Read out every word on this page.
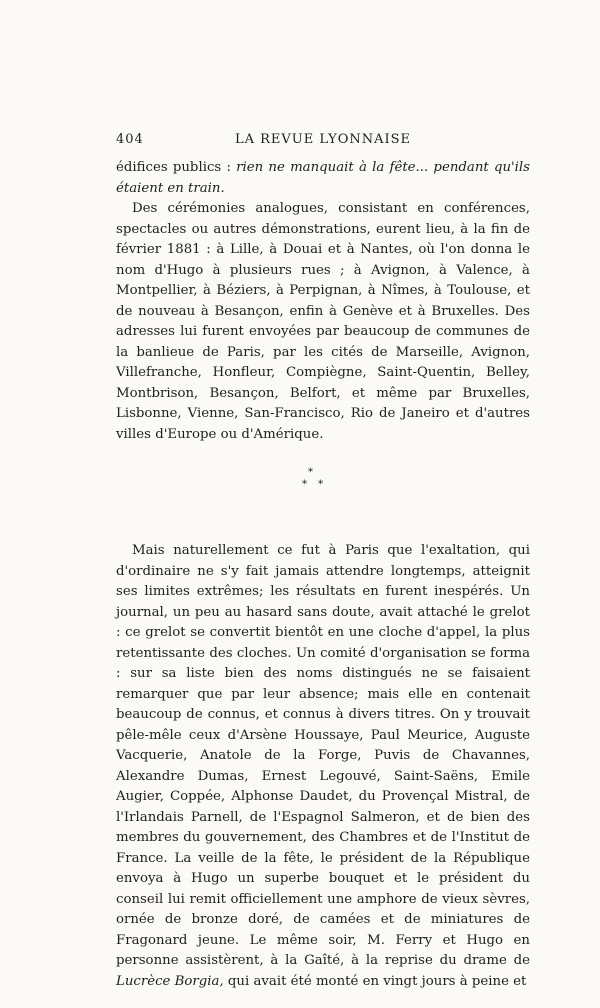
404	LA REVUE LYONNAISE

édifices publics : rien ne manquait à la fête... pendant qu'ils étaient en train.

Des cérémonies analogues, consistant en conférences, spectacles ou autres démonstrations, eurent lieu, à la fin de février 1881 : à Lille, à Douai et à Nantes, où l'on donna le nom d'Hugo à plusieurs rues ; à Avignon, à Valence, à Montpellier, à Béziers, à Perpignan, à Nîmes, à Toulouse, et de nouveau à Besançon, enfin à Genève et à Bruxelles. Des adresses lui furent envoyées par beaucoup de communes de la banlieue de Paris, par les cités de Marseille, Avignon, Villefranche, Honfleur, Compiègne, Saint-Quentin, Belley, Montbrison, Besançon, Belfort, et même par Bruxelles, Lisbonne, Vienne, San-Francisco, Rio de Janeiro et d'autres villes d'Europe ou d'Amérique.

*
* *

Mais naturellement ce fut à Paris que l'exaltation, qui d'ordinaire ne s'y fait jamais attendre longtemps, atteignit ses limites extrêmes; les résultats en furent inespérés. Un journal, un peu au hasard sans doute, avait attaché le grelot : ce grelot se convertit bientôt en une cloche d'appel, la plus retentissante des cloches. Un comité d'organisation se forma : sur sa liste bien des noms distingués ne se faisaient remarquer que par leur absence; mais elle en contenait beaucoup de connus, et connus à divers titres. On y trouvait pêle-mêle ceux d'Arsène Houssaye, Paul Meurice, Auguste Vacquerie, Anatole de la Forge, Puvis de Chavannes, Alexandre Dumas, Ernest Legouvé, Saint-Saëns, Emile Augier, Coppée, Alphonse Daudet, du Provençal Mistral, de l'Irlandais Parnell, de l'Espagnol Salmeron, et de bien des membres du gouvernement, des Chambres et de l'Institut de France. La veille de la fête, le président de la République envoya à Hugo un superbe bouquet et le président du conseil lui remit officiellement une amphore de vieux sèvres, ornée de bronze doré, de camées et de miniatures de Fragonard jeune. Le même soir, M. Ferry et Hugo en personne assistèrent, à la Gaîté, à la reprise du drame de Lucrèce Borgia, qui avait été monté en vingt jours à peine et
